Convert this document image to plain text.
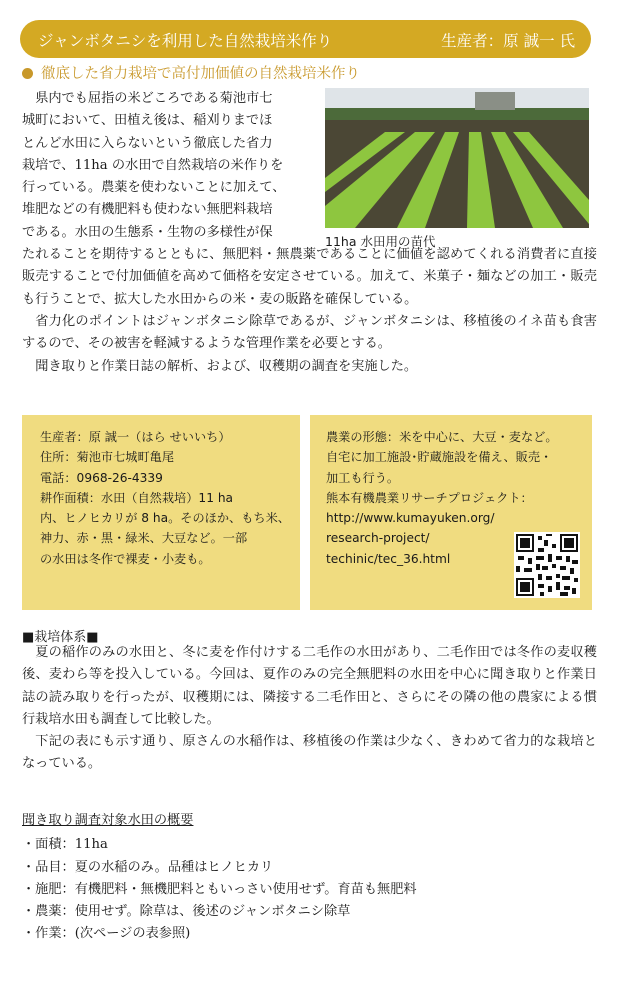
ジャンボタニシを利用した自然栽培米作り	生産者：原 誠一 氏
徹底した省力栽培で高付加価値の自然栽培米作り
11ha 水田用の苗代

県内でも屈指の米どころである菊池市七

城町において、田植え後は、稲刈りまでほ

とんど水田に入らないという徹底した省力

栽培で、11ha の水田で自然栽培の米作りを

行っている。農薬を使わないことに加えて、

堆肥などの有機肥料も使わない無肥料栽培

である。水田の生態系・生物の多様性が保

たれることを期待するとともに、無肥料・無農薬であることに価値を認めてくれる消費者に直接販売することで付加価値を高めて価格を安定させている。加えて、米菓子・麺などの加工・販売も行うことで、拡大した水田からの米・麦の販路を確保している。

省力化のポイントはジャンボタニシ除草であるが、ジャンボタニシは、移植後のイネ苗も食害するので、その被害を軽減するような管理作業を必要とする。

聞き取りと作業日誌の解析、および、収穫期の調査を実施した。

生産者：原 誠一（はら せいいち）
住所：菊池市七城町亀尾
電話：0968-26-4339
耕作面積：水田（自然栽培）11 ha
内、ヒノヒカリが 8 ha。そのほか、もち米、
神力、赤・黒・緑米、大豆など。一部
の水田は冬作で裸麦・小麦も。
農業の形態：米を中心に、大豆・麦など。
自宅に加工施設･貯蔵施設を備え、販売・
加工も行う。
熊本有機農業リサーチプロジェクト：
http://www.kumayuken.org/
research-project/
techinic/tec_36.html
■栽培体系■

夏の稲作のみの水田と、冬に麦を作付けする二毛作の水田があり、二毛作田では冬作の麦収穫後、麦わら等を投入している。今回は、夏作のみの完全無肥料の水田を中心に聞き取りと作業日誌の読み取りを行ったが、収穫期には、隣接する二毛作田と、さらにその隣の他の農家による慣行栽培水田も調査して比較した。

下記の表にも示す通り、原さんの水稲作は、移植後の作業は少なく、きわめて省力的な栽培となっている。

聞き取り調査対象水田の概要
・面積：11ha
・品目：夏の水稲のみ。品種はヒノヒカリ
・施肥：有機肥料・無機肥料ともいっさい使用せず。育苗も無肥料
・農薬：使用せず。除草は、後述のジャンボタニシ除草
・作業：(次ページの表参照)
